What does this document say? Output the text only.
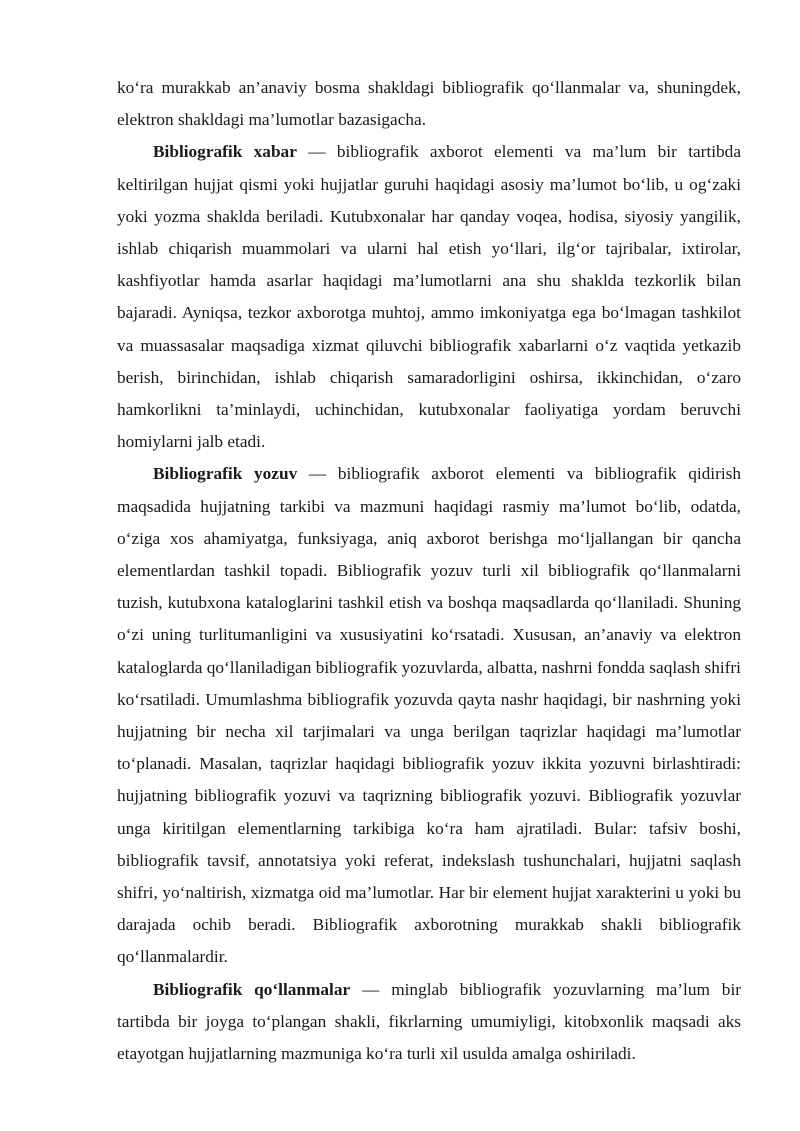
ko‘ra murakkab an’anaviy bosma shakldagi bibliografik qo‘llanmalar va, shuningdek, elektron shakldagi ma’lumotlar bazasigacha.

Bibliografik xabar — bibliografik axborot elementi va ma’lum bir tartibda keltirilgan hujjat qismi yoki hujjatlar guruhi haqidagi asosiy ma’lumot bo‘lib, u og‘zaki yoki yozma shaklda beriladi. Kutubxonalar har qanday voqea, hodisa, siyosiy yangilik, ishlab chiqarish muammolari va ularni hal etish yo‘llari, ilg‘or tajribalar, ixtirolar, kashfiyotlar hamda asarlar haqidagi ma’lumotlarni ana shu shaklda tezkorlik bilan bajaradi. Ayniqsa, tezkor axborotga muhtoj, ammo imkoniyatga ega bo‘lmagan tashkilot va muassasalar maqsadiga xizmat qiluvchi bibliografik xabarlarni o‘z vaqtida yetkazib berish, birinchidan, ishlab chiqarish samaradorligini oshirsa, ikkinchidan, o‘zaro hamkorlikni ta’minlaydi, uchinchidan, kutubxonalar faoliyatiga yordam beruvchi homiylarni jalb etadi.

Bibliografik yozuv — bibliografik axborot elementi va bibliografik qidirish maqsadida hujjatning tarkibi va mazmuni haqidagi rasmiy ma’lumot bo‘lib, odatda, o‘ziga xos ahamiyatga, funksiyaga, aniq axborot berishga mo‘ljallangan bir qancha elementlardan tashkil topadi. Bibliografik yozuv turli xil bibliografik qo‘llanmalarni tuzish, kutubxona kataloglarini tashkil etish va boshqa maqsadlarda qo‘llaniladi. Shuning o‘zi uning turlitumanligini va xususiyatini ko‘rsatadi. Xususan, an’anaviy va elektron kataloglarda qo‘llaniladigan bibliografik yozuvlarda, albatta, nashrni fondda saqlash shifri ko‘rsatiladi. Umumlashma bibliografik yozuvda qayta nashr haqidagi, bir nashrning yoki hujjatning bir necha xil tarjimalari va unga berilgan taqrizlar haqidagi ma’lumotlar to‘planadi. Masalan, taqrizlar haqidagi bibliografik yozuv ikkita yozuvni birlashtiradi: hujjatning bibliografik yozuvi va taqrizning bibliografik yozuvi. Bibliografik yozuvlar unga kiritilgan elementlarning tarkibiga ko‘ra ham ajratiladi. Bular: tafsiv boshi, bibliografik tavsif, annotatsiya yoki referat, indekslash tushunchalari, hujjatni saqlash shifri, yo‘naltirish, xizmatga oid ma’lumotlar. Har bir element hujjat xarakterini u yoki bu darajada ochib beradi. Bibliografik axborotning murakkab shakli bibliografik qo‘llanmalardir.

Bibliografik qo‘llanmalar — minglab bibliografik yozuvlarning ma’lum bir tartibda bir joyga to‘plangan shakli, fikrlarning umumiyligi, kitobxonlik maqsadi aks etayotgan hujjatlarning mazmuniga ko‘ra turli xil usulda amalga oshiriladi.
